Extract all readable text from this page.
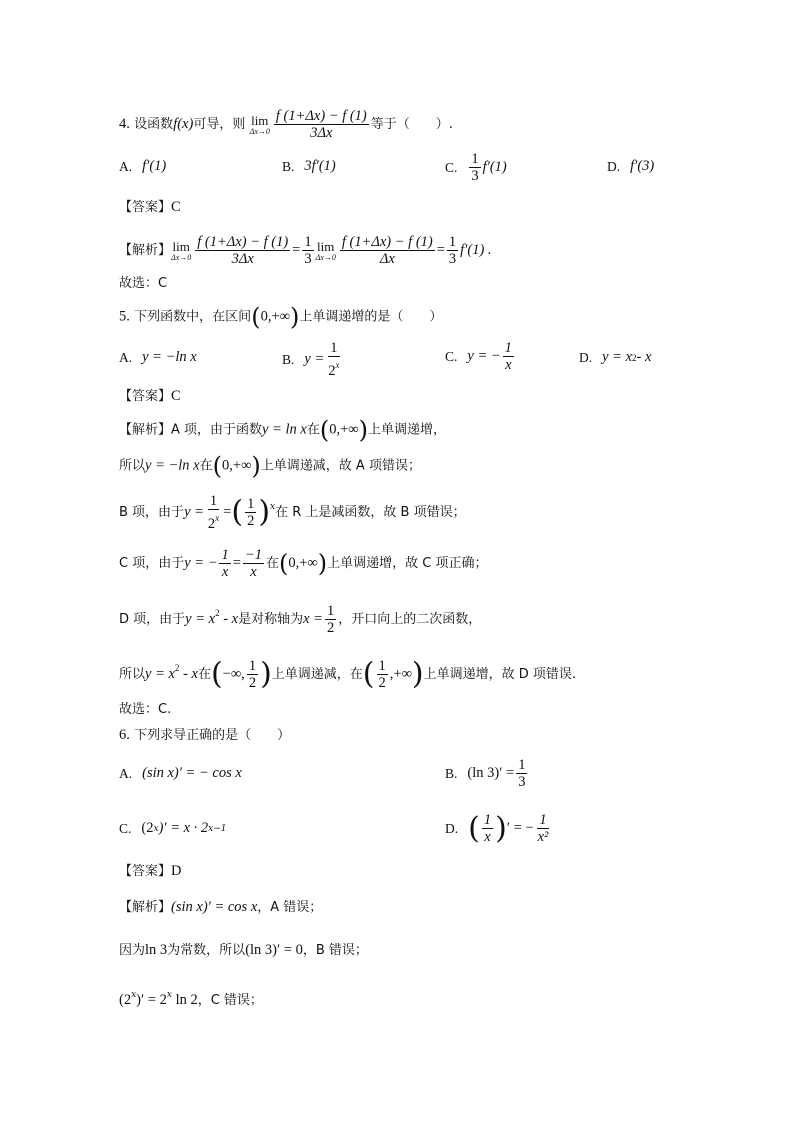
4. 设函数f(x)可导，则 lim
$\Delta x\to 0 \frac{f (1+\Delta x) - f (1)}{3\Delta x}$ 等于（　　）.
A. f′(1)	B. 3f′(1)	C. $\frac{1}{3} f'(1)$	D. f′(3)
【答案】C
【解析】 lim
$\Delta x\to 0 \frac{f (1+\Delta x) - f (1)}{3\Delta x} = \frac{1}{3}$ lim
$\Delta x\to 0 \frac{f (1+\Delta x) - f (1)}{\Delta x} = \frac{1}{3} f'(1)$ .
故选：C
5. 下列函数中，在区间(0,+∞)上单调递增的是（　　）
A. y = −ln x	B. $y = \frac{1}{2^x}$	C. y = − $\frac{1}{x}$	D. y = x 2 - x
【答案】C
【解析】A 项，由于函数y = ln x在(0,+∞)上单调递增，
所以y = −ln x在(0,+∞)上单调递减，故 A 项错误；
B 项，由于$y = \frac{1}{2^x}$ =( $\frac{1}{2} )^x$在 R 上是减函数，故 B 项错误；
C 项，由于y = − $\frac{1}{x} = \frac{-1}{x}$ 在(0,+∞)上单调递增，故 C 项正确；
D 项，由于$y = x^2 - x$是对称轴为$x = \frac{1}{2}$ ，开口向上的二次函数，
所以$y = x^2 - x$在(−∞, $\frac{1}{2}$ )上单调递减，在( $\frac{1}{2}$ ,+∞)上单调递增，故 D 项错误.
故选：C.
6. 下列求导正确的是（　　）
A. (sin x)′ = − cos x	B. (ln $3)' = \frac{1}{3}$
C. (2 x )′ = x · 2 x−1	D. ( $\frac{1}{x}$ ) ′ = − $\frac{1}{\text{x²}}$
【答案】D
【解析】(sin x)′ = cos x，A 错误；
因为ln 3为常数，所以(ln 3)′ = 0，B 错误；
$(2^x)' = 2^x$ ln 2，C 错误；
